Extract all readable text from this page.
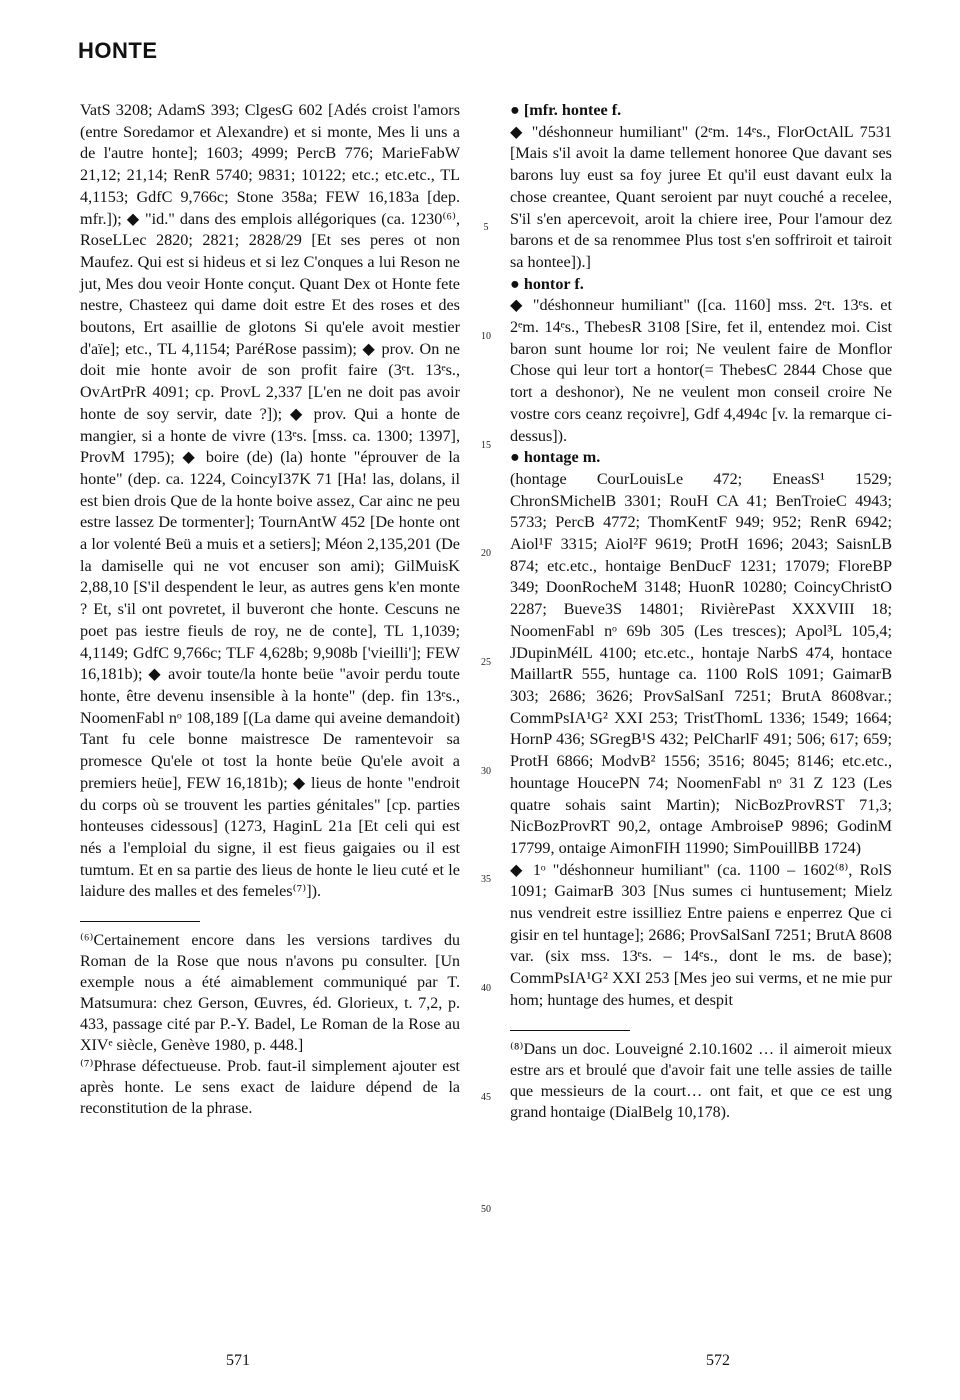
HONTE

VatS 3208; AdamS 393; ClgesG 602 [Adés croist l'amors (entre Soredamor et Alexandre) et si monte, Mes li uns a de l'autre honte]; 1603; 4999; PercB 776; MarieFabW 21,12; 21,14; RenR 5740; 9831; 10122; etc.; etc.etc., TL 4,1153; GdfC 9,766c; Stone 358a; FEW 16,183a [dep. mfr.]); ◆ "id." dans des emplois allégoriques (ca. 1230⁽⁶⁾, RoseLLec 2820; 2821; 2828/29 [Et ses peres ot non Maufez. Qui est si hideus et si lez C'onques a lui Reson ne jut, Mes dou veoir Honte conçut. Quant Dex ot Honte fete nestre, Chasteez qui dame doit estre Et des roses et des boutons, Ert asaillie de glotons Si qu'ele avoit mestier d'aïe]; etc., TL 4,1154; ParéRose passim); ◆ prov. On ne doit mie honte avoir de son profit faire (3ᵉt. 13ᵉs., OvArtPrR 4091; cp. ProvL 2,337 [L'en ne doit pas avoir honte de soy servir, date ?]); ◆ prov. Qui a honte de mangier, si a honte de vivre (13ᵉs. [mss. ca. 1300; 1397], ProvM 1795); ◆ boire (de) (la) honte "éprouver de la honte" (dep. ca. 1224, CoincyI37K 71 [Ha! las, dolans, il est bien drois Que de la honte boive assez, Car ainc ne peu estre lassez De tormenter]; TournAntW 452 [De honte ont a lor volenté Beü a muis et a setiers]; Méon 2,135,201 (De la damiselle qui ne vot encuser son ami); GilMuisK 2,88,10 [S'il despendent le leur, as autres gens k'en monte ? Et, s'il ont povretet, il buveront che honte. Cescuns ne poet pas iestre fieuls de roy, ne de conte], TL 1,1039; 4,1149; GdfC 9,766c; TLF 4,628b; 9,908b ['vieilli']; FEW 16,181b); ◆ avoir toute/la honte beüe "avoir perdu toute honte, être devenu insensible à la honte" (dep. fin 13ᵉs., NoomenFabl nᵒ 108,189 [(La dame qui aveine demandoit) Tant fu cele bonne maistresce De ramentevoir sa promesce Qu'ele ot tost la honte beüe Qu'ele avoit a premiers heüe], FEW 16,181b); ◆ lieus de honte "endroit du corps où se trouvent les parties génitales" [cp. parties honteuses cidessous] (1273, HaginL 21a [Et celi qui est nés a l'emploial du signe, il est fieus gaigaies ou il est tumtum. Et en sa partie des lieus de honte le lieu cuté et le laidure des malles et des femeles⁽⁷⁾]).

⁽⁶⁾Certainement encore dans les versions tardives du Roman de la Rose que nous n'avons pu consulter. [Un exemple nous a été aimablement communiqué par T. Matsumura: chez Gerson, Œuvres, éd. Glorieux, t. 7,2, p. 433, passage cité par P.-Y. Badel, Le Roman de la Rose au XIVᵉ siècle, Genève 1980, p. 448.]

⁽⁷⁾Phrase défectueuse. Prob. faut-il simplement ajouter est après honte. Le sens exact de laidure dépend de la reconstitution de la phrase.

5
10
15
20
25
30
35
40
45
50

● [mfr. hontee f.

◆ "déshonneur humiliant" (2ᵉm. 14ᵉs., FlorOctAlL 7531 [Mais s'il avoit la dame tellement honoree Que davant ses barons luy eust sa foy juree Et qu'il eust davant eulx la chose creantee, Quant seroient par nuyt couché a recelee, S'il s'en apercevoit, aroit la chiere iree, Pour l'amour dez barons et de sa renommee Plus tost s'en soffriroit et tairoit sa hontee]).]

● hontor f.

◆ "déshonneur humiliant" ([ca. 1160] mss. 2ᵉt. 13ᵉs. et 2ᵉm. 14ᵉs., ThebesR 3108 [Sire, fet il, entendez moi. Cist baron sunt houme lor roi; Ne veulent faire de Monflor Chose qui leur tort a hontor(= ThebesC 2844 Chose que tort a deshonor), Ne ne veulent mon conseil croire Ne vostre cors ceanz reçoivre], Gdf 4,494c [v. la remarque ci-dessus]).

● hontage m.

(hontage CourLouisLe 472; EneasS¹ 1529; ChronSMichelB 3301; RouH CA 41; BenTroieC 4943; 5733; PercB 4772; ThomKentF 949; 952; RenR 6942; Aiol¹F 3315; Aiol²F 9619; ProtH 1696; 2043; SaisnLB 874; etc.etc., hontaige BenDucF 1231; 17079; FloreBP 349; DoonRocheM 3148; HuonR 10280; CoincyChristO 2287; Bueve3S 14801; RivièrePast XXXVIII 18; NoomenFabl nᵒ 69b 305 (Les tresces); Apol³L 105,4; JDupinMélL 4100; etc.etc., hontaje NarbS 474, hontace MaillartR 555, huntage ca. 1100 RolS 1091; GaimarB 303; 2686; 3626; ProvSalSanI 7251; BrutA 8608var.; CommPsIA¹G² XXI 253; TristThomL 1336; 1549; 1664; HornP 436; SGregB¹S 432; PelCharlF 491; 506; 617; 659; ProtH 6866; ModvB² 1556; 3516; 8045; 8146; etc.etc., hountage HoucePN 74; NoomenFabl nᵒ 31 Z 123 (Les quatre sohais saint Martin); NicBozProvRST 71,3; NicBozProvRT 90,2, ontage AmbroiseP 9896; GodinM 17799, ontaige AimonFIH 11990; SimPouillBB 1724)

◆ 1ᵒ "déshonneur humiliant" (ca. 1100 – 1602⁽⁸⁾, RolS 1091; GaimarB 303 [Nus sumes ci huntusement; Mielz nus vendreit estre issilliez Entre paiens e enperrez Que ci gisir en tel huntage]; 2686; ProvSalSanI 7251; BrutA 8608 var. (six mss. 13ᵉs. – 14ᵉs., dont le ms. de base); CommPsIA¹G² XXI 253 [Mes jeo sui verms, et ne mie pur hom; huntage des humes, et despit

⁽⁸⁾Dans un doc. Louveigné 2.10.1602 … il aimeroit mieux estre ars et broulé que d'avoir fait une telle assies de taille que messieurs de la court… ont fait, et que ce est ung grand hontaige (DialBelg 10,178).

571	572
